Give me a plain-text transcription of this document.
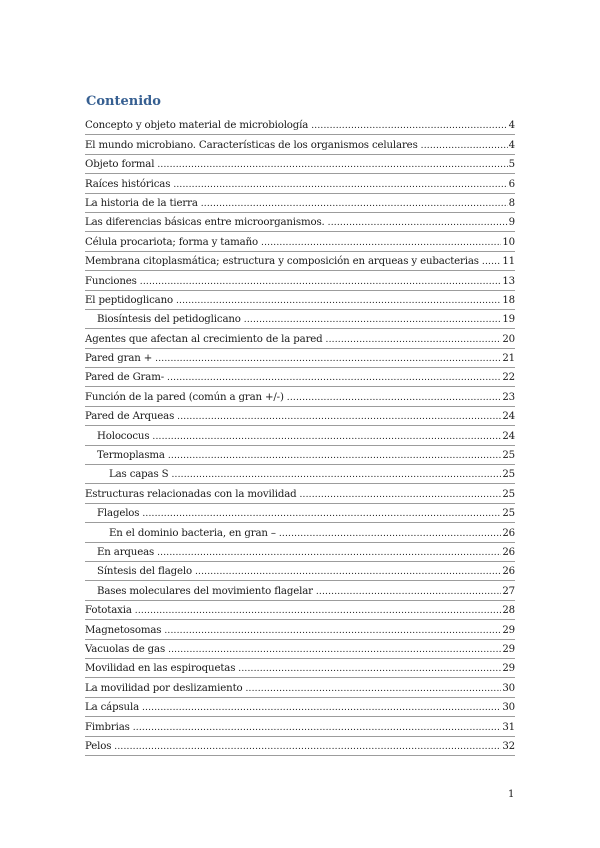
Contenido
Concepto y objeto material de microbiología .....	4
El mundo microbiano. Características de los organismos celulares .....	4
Objeto formal .....	5
Raíces históricas .....	6
La historia de la tierra .....	8
Las diferencias básicas entre microorganismos. .....	9
Célula procariota; forma y tamaño .....	10
Membrana citoplasmática; estructura y composición en arqueas y eubacterias ..... 11
Funciones .....	13
El peptidoglicano .....	18
Biosíntesis del petidoglicano .....	19
Agentes que afectan al crecimiento de la pared .....	20
Pared gran + .....	21
Pared de Gram- .....	22
Función de la pared (común a gran +/-) .....	23
Pared de Arqueas .....	24
Holococus .....	24
Termoplasma .....	25
Las capas S .....	25
Estructuras relacionadas con la movilidad .....	25
Flagelos .....	25
En el dominio bacteria, en gran – .....	26
En arqueas .....	26
Síntesis del flagelo .....	26
Bases moleculares del movimiento flagelar .....	27
Fototaxia .....	28
Magnetosomas .....	29
Vacuolas de gas .....	29
Movilidad en las espiroquetas .....	29
La movilidad por deslizamiento .....	30
La cápsula .....	30
Fimbrias .....	31
Pelos .....	32
1
